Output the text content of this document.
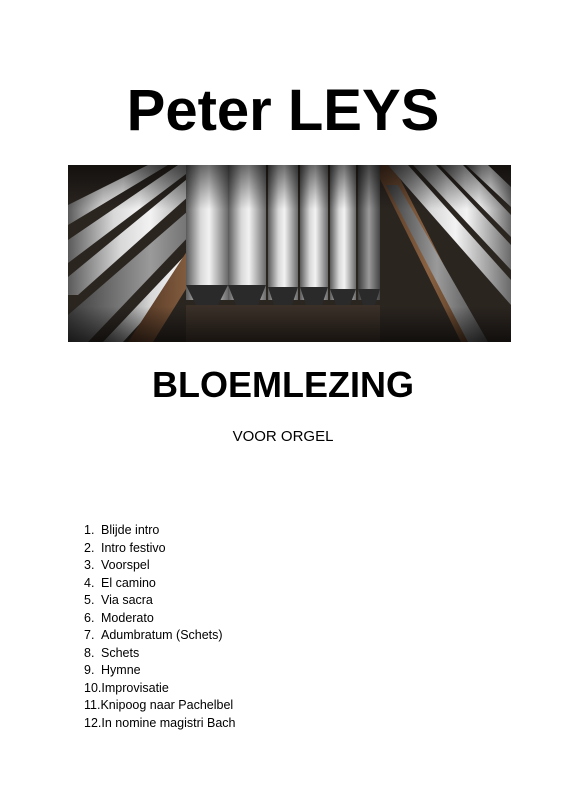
Peter LEYS
BLOEMLEZING
VOOR ORGEL
1. Blijde intro
2. Intro festivo
3. Voorspel
4. El camino
5. Via sacra
6. Moderato
7. Adumbratum (Schets)
8. Schets
9. Hymne
10. Improvisatie
11. Knipoog naar Pachelbel
12. In nomine magistri Bach
